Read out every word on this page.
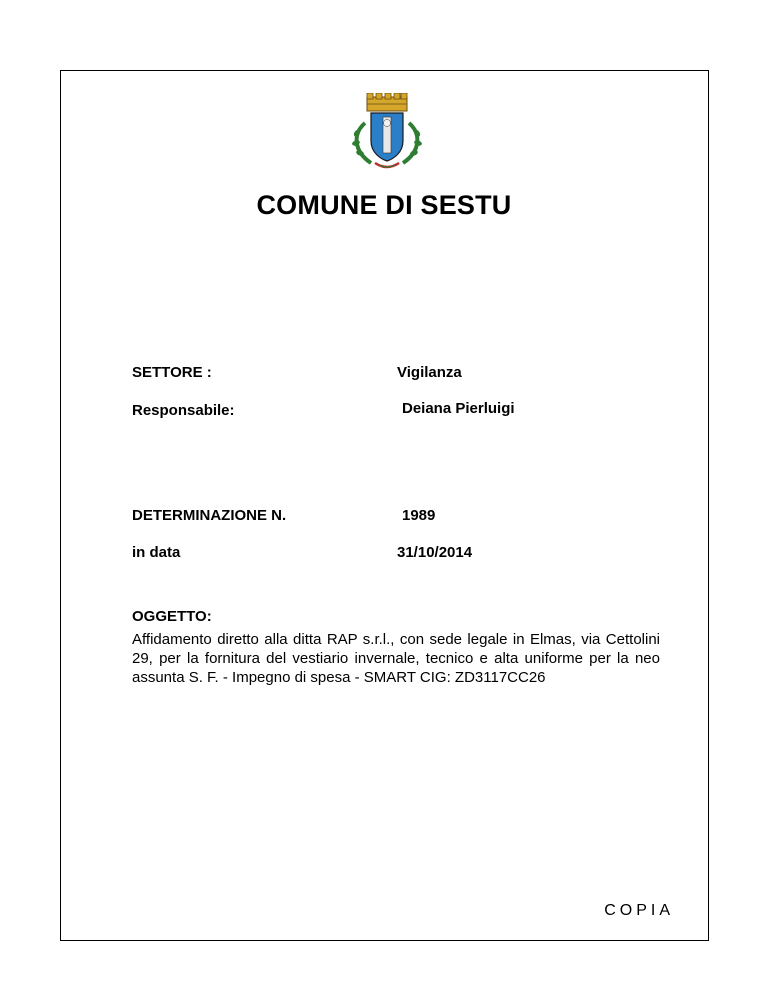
COMUNE DI SESTU
SETTORE :	Vigilanza
Responsabile:	Deiana Pierluigi
DETERMINAZIONE N.	1989
in data	31/10/2014
OGGETTO:
Affidamento diretto alla ditta RAP s.r.l., con sede legale in Elmas, via Cettolini 29, per la fornitura del vestiario invernale, tecnico e alta uniforme per la neo assunta S. F. - Impegno di spesa - SMART CIG: ZD3117CC26
COPIA
